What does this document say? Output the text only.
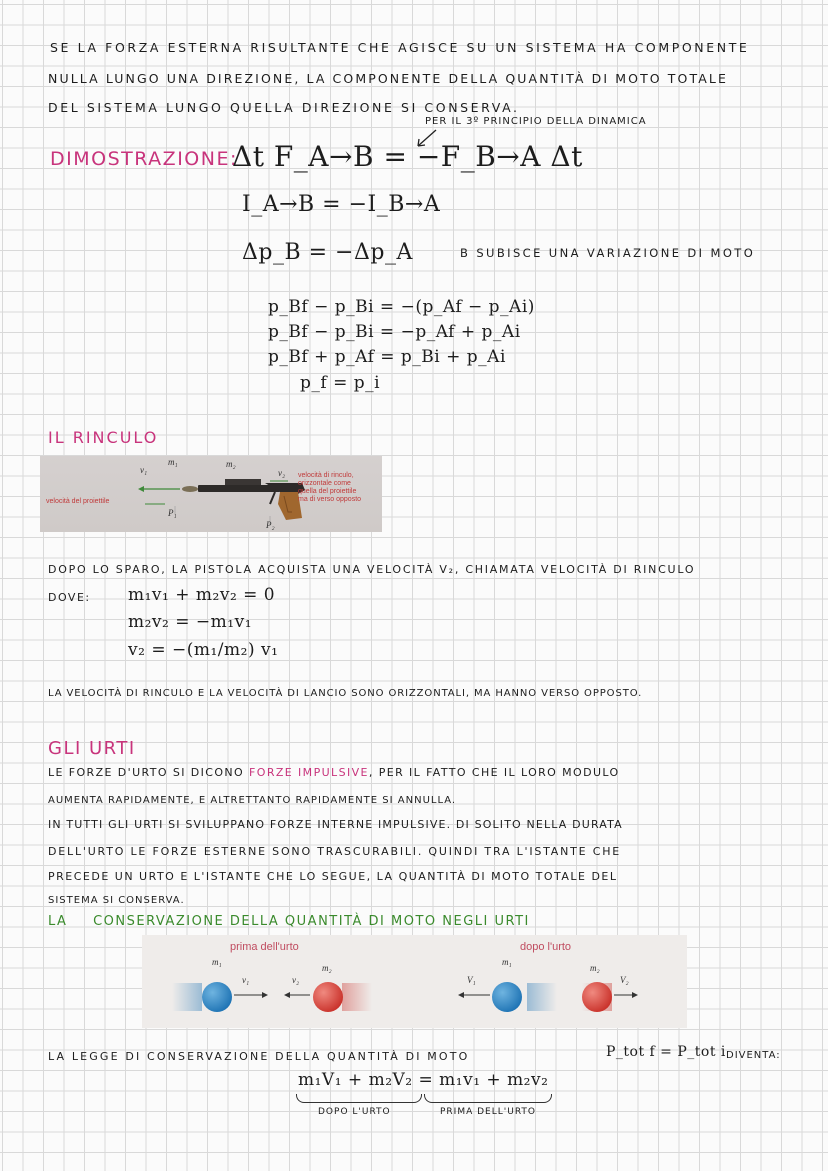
SE LA FORZA ESTERNA RISULTANTE CHE AGISCE SU UN SISTEMA HA COMPONENTE
NULLA LUNGO UNA DIREZIONE, LA COMPONENTE DELLA QUANTITÀ DI MOTO TOTALE
DEL SISTEMA LUNGO QUELLA DIREZIONE SI CONSERVA.
PER IL 3º PRINCIPIO DELLA DINAMICA
DIMOSTRAZIONE:
Δt F_A→B = −F_B→A Δt
I_A→B = −I_B→A
Δp_B = −Δp_A	B SUBISCE UNA VARIAZIONE DI MOTO
p_Bf − p_Bi = −(p_Af − p_Ai)
p_Bf − p_Bi = −p_Af + p_Ai
p_Bf + p_Af = p_Bi + p_Ai
p_f = p_i
IL RINCULO
m₁	m₂
v₁	v₂
P₁
P₂
velocità del proiettile
velocità di rinculo,
orizzontale come
quella del proiettile
ma di verso opposto
DOPO LO SPARO, LA PISTOLA ACQUISTA UNA VELOCITÀ V₂, CHIAMATA VELOCITÀ DI RINCULO
DOVE: m₁v₁ + m₂v₂ = 0
m₂v₂ = −m₁v₁
v₂ = −(m₁/m₂) v₁
LA VELOCITÀ DI RINCULO E LA VELOCITÀ DI LANCIO SONO ORIZZONTALI, MA HANNO VERSO OPPOSTO.
GLI URTI
LE FORZE D'URTO SI DICONO FORZE IMPULSIVE, PER IL FATTO CHE IL LORO MODULO
AUMENTA RAPIDAMENTE, E ALTRETTANTO RAPIDAMENTE SI ANNULLA.
IN TUTTI GLI URTI SI SVILUPPANO FORZE INTERNE IMPULSIVE. DI SOLITO NELLA DURATA
DELL'URTO LE FORZE ESTERNE SONO TRASCURABILI. QUINDI TRA L'ISTANTE CHE
PRECEDE UN URTO E L'ISTANTE CHE LO SEGUE, LA QUANTITÀ DI MOTO TOTALE DEL
SISTEMA SI CONSERVA.
LA CONSERVAZIONE DELLA QUANTITÀ DI MOTO NEGLI URTI
prima dell'urto	dopo l'urto
m₁
m₂
v₁	v₂
m₁
m₂
V₁	V₂
LA LEGGE DI CONSERVAZIONE DELLA QUANTITÀ DI MOTO	P_tot f = P_tot i DIVENTA:
m₁V₁ + m₂V₂ = m₁v₁ + m₂v₂
DOPO L'URTO	PRIMA DELL'URTO
